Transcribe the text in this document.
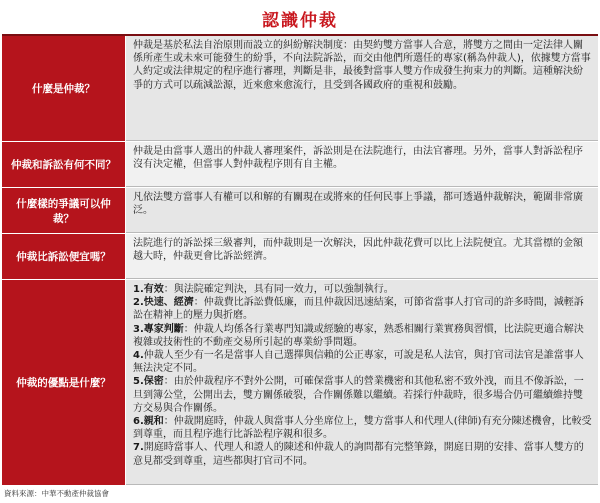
認識仲裁
什麼是仲裁？
仲裁是基於私法自治原則而設立的糾紛解決制度：由契約雙方當事人合意，將雙方之間由一定法律人關係所產生或未來可能發生的紛爭，不向法院訴訟，而交由他們所選任的專家(稱為仲裁人)，依據雙方當事人約定或法律規定的程序進行審理，判斷是非，最後對當事人雙方作成發生拘束力的判斷。這種解決紛爭的方式可以疏減訟源，近來愈來愈流行，且受到各國政府的重視和鼓勵。
仲裁和訴訟有何不同？
仲裁是由當事人選出的仲裁人審理案件，訴訟則是在法院進行，由法官審理。另外，當事人對訴訟程序沒有決定權，但當事人對仲裁程序則有自主權。
什麼樣的爭議可以仲裁？
凡依法雙方當事人有權可以和解的有關現在或將來的任何民事上爭議，都可透過仲裁解決，範圍非常廣泛。
仲裁比訴訟便宜嗎？
法院進行的訴訟採三級審判，而仲裁則是一次解決，因此仲裁花費可以比上法院便宜。尤其當標的金額越大時，仲裁更會比訴訟經濟。
仲裁的優點是什麼？
1.有效：與法院確定判決，具有同一效力，可以強制執行。
2.快速、經濟：仲裁費比訴訟費低廉，而且仲裁因迅速結案，可節省當事人打官司的許多時間，減輕訴訟在精神上的壓力與折磨。
3.專家判斷：仲裁人均係各行業專門知識或經驗的專家，熟悉相關行業實務與習慣，比法院更適合解決複雜或技術性的不動產交易所引起的專業紛爭問題。
4.仲裁人至少有一名是當事人自己選擇與信賴的公正專家，可說是私人法官，與打官司法官是誰當事人無法決定不同。
5.保密：由於仲裁程序不對外公開，可確保當事人的營業機密和其他私密不致外洩，而且不像訴訟，一旦到簿公堂，公開出去，雙方關係破裂，合作關係難以繼續。若採行仲裁時，很多場合仍可繼續維持雙方交易與合作關係。
6.親和：仲裁開庭時，仲裁人與當事人分坐席位上，雙方當事人和代理人(律師)有充分陳述機會，比較受到尊重，而且程序進行比訴訟程序親和很多。
7.開庭時當事人、代理人和證人的陳述和仲裁人的詢問都有完整筆錄，開庭日期的安排、當事人雙方的意見都受到尊重，這些都與打官司不同。
資料來源：中華不動產仲裁協會
